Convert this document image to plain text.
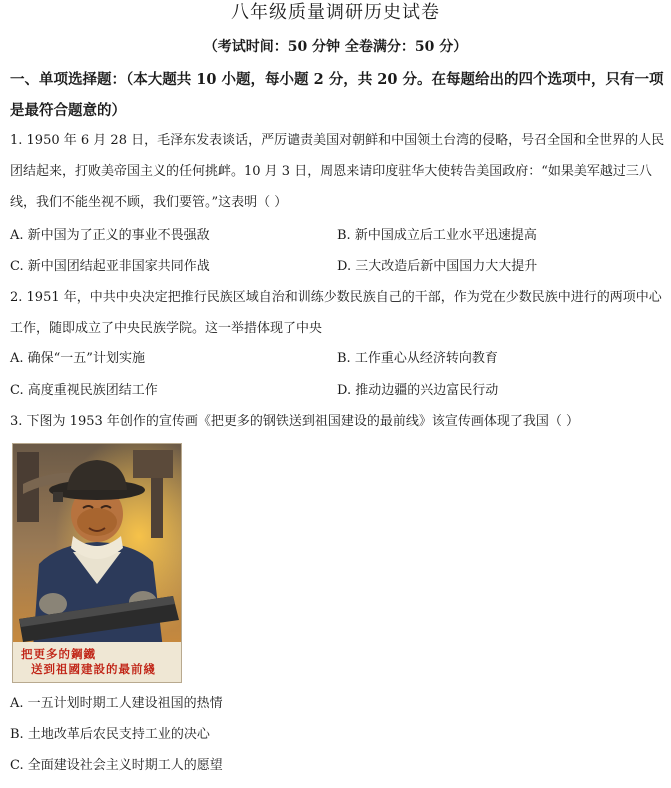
八年级质量调研历史试卷
（考试时间：50 分钟 全卷满分：50 分）
一、单项选择题：（本大题共 10 小题，每小题 2 分，共 20 分。在每题给出的四个选项中，只有一项是最符合题意的）
1. 1950 年 6 月 28 日，毛泽东发表谈话，严厉谴责美国对朝鲜和中国领土台湾的侵略，号召全国和全世界的人民团结起来，打败美帝国主义的任何挑衅。10 月 3 日，周恩来请印度驻华大使转告美国政府：“如果美军越过三八线，我们不能坐视不顾，我们要管。”这表明（ ）
A. 新中国为了正义的事业不畏强敌	B. 新中国成立后工业水平迅速提高
C. 新中国团结起亚非国家共同作战	D. 三大改造后新中国国力大大提升
2. 1951 年，中共中央决定把推行民族区域自治和训练少数民族自己的干部，作为党在少数民族中进行的两项中心工作，随即成立了中央民族学院。这一举措体现了中央
A. 确保“一五”计划实施	B. 工作重心从经济转向教育
C. 高度重视民族团结工作	D. 推动边疆的兴边富民行动
3. 下图为 1953 年创作的宣传画《把更多的钢铁送到祖国建设的最前线》该宣传画体现了我国（ ）
把更多的鋼鐵
送到祖國建設的最前綫
A. 一五计划时期工人建设祖国的热情
B. 土地改革后农民支持工业的决心
C. 全面建设社会主义时期工人的愿望
